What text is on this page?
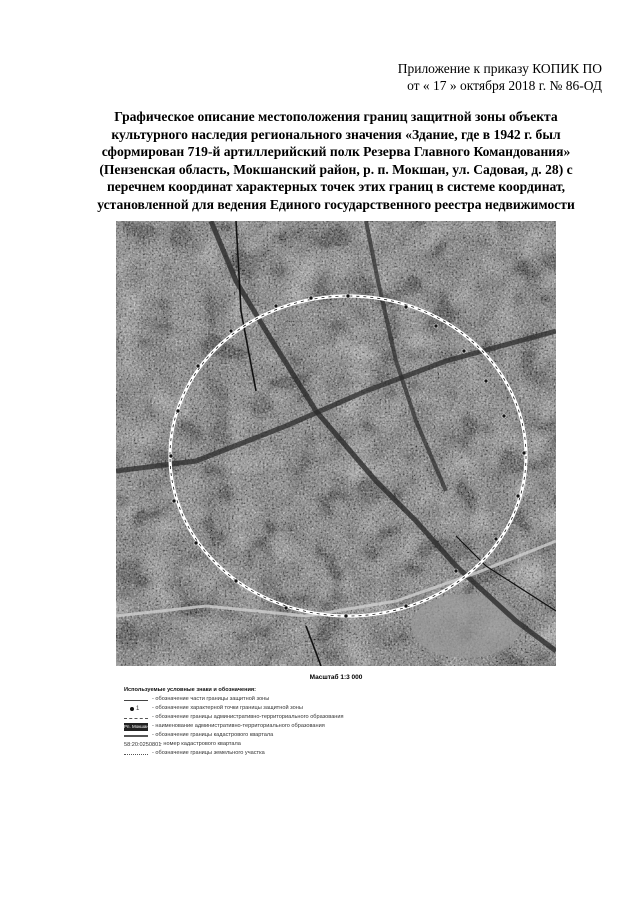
Приложение к приказу КОПИК ПО
от « 17 » октября 2018 г. № 86-ОД
Графическое описание местоположения границ защитной зоны объекта
культурного наследия регионального значения «Здание, где в 1942 г. был
сформирован 719-й артиллерийский полк Резерва Главного Командования»
(Пензенская область, Мокшанский район, р. п. Мокшан, ул. Садовая, д. 28) с
перечнем координат характерных точек этих границ в системе координат,
установленной для ведения Единого государственного реестра недвижимости
Масштаб 1:3 000
Используемые условные знаки и обозначения:
- обозначение части границы защитной зоны
1 - обозначение характерной точки границы защитной зоны
- обозначение границы административно-территориального образования
Рп. Мокшан - наименование административно-территориального образования
- обозначение границы кадастрового квартала
58:20:0250801
- номер кадастрового квартала
- обозначение границы земельного участка
